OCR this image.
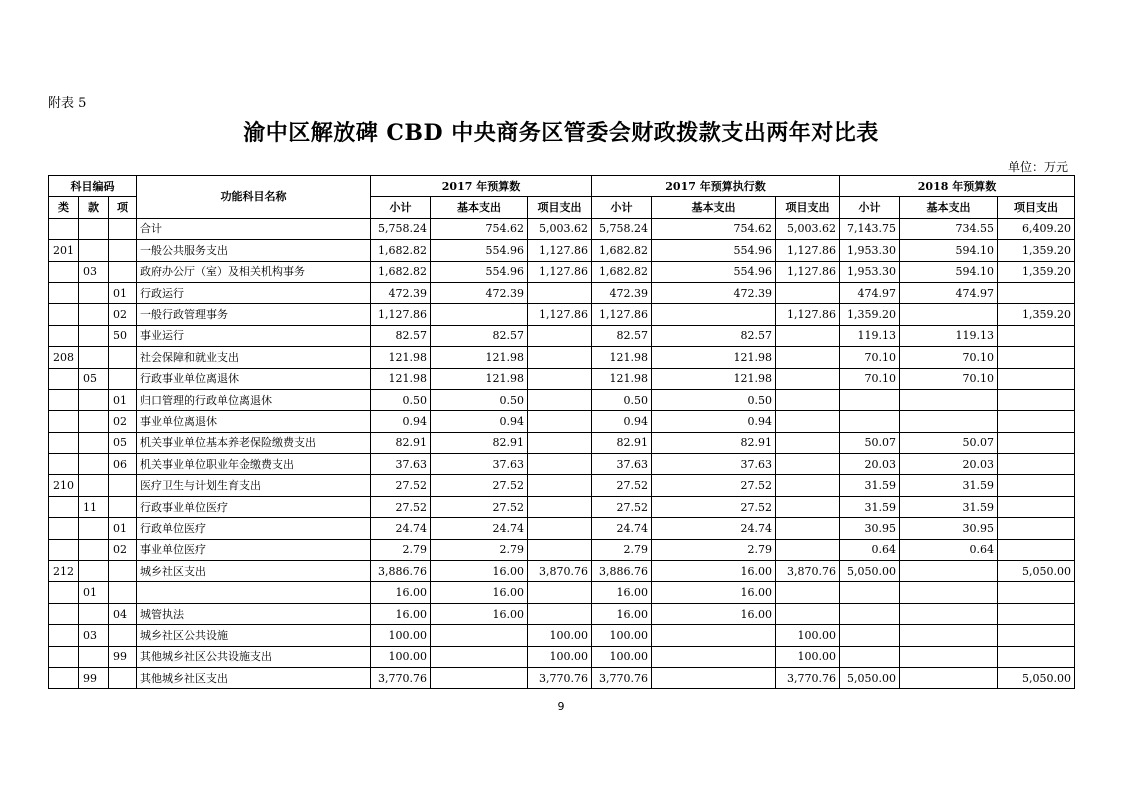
附表 5
渝中区解放碑 CBD 中央商务区管委会财政拨款支出两年对比表
单位：万元
科目编码			功能科目名称	2017 年预算数			2017 年预算执行数			2018 年预算数		
类	款	项		小计	基本支出	项目支出	小计	基本支出	项目支出	小计	基本支出	项目支出
			合计	5,758.24	754.62	5,003.62	5,758.24	754.62	5,003.62	7,143.75	734.55	6,409.20
201			一般公共服务支出	1,682.82	554.96	1,127.86	1,682.82	554.96	1,127.86	1,953.30	594.10	1,359.20
	03		政府办公厅（室）及相关机构事务	1,682.82	554.96	1,127.86	1,682.82	554.96	1,127.86	1,953.30	594.10	1,359.20
		01	行政运行	472.39	472.39		472.39	472.39		474.97	474.97	
		02	一般行政管理事务	1,127.86		1,127.86	1,127.86		1,127.86	1,359.20		1,359.20
		50	事业运行	82.57	82.57		82.57	82.57		119.13	119.13	
208			社会保障和就业支出	121.98	121.98		121.98	121.98		70.10	70.10	
	05		行政事业单位离退休	121.98	121.98		121.98	121.98		70.10	70.10	
		01	归口管理的行政单位离退休	0.50	0.50		0.50	0.50				
		02	事业单位离退休	0.94	0.94		0.94	0.94				
		05	机关事业单位基本养老保险缴费支出	82.91	82.91		82.91	82.91		50.07	50.07	
		06	机关事业单位职业年金缴费支出	37.63	37.63		37.63	37.63		20.03	20.03	
210			医疗卫生与计划生育支出	27.52	27.52		27.52	27.52		31.59	31.59	
	11		行政事业单位医疗	27.52	27.52		27.52	27.52		31.59	31.59	
		01	行政单位医疗	24.74	24.74		24.74	24.74		30.95	30.95	
		02	事业单位医疗	2.79	2.79		2.79	2.79		0.64	0.64	
212			城乡社区支出	3,886.76	16.00	3,870.76	3,886.76	16.00	3,870.76	5,050.00		5,050.00
	01			16.00	16.00		16.00	16.00				
		04	城管执法	16.00	16.00		16.00	16.00				
	03		城乡社区公共设施	100.00		100.00	100.00		100.00			
		99	其他城乡社区公共设施支出	100.00		100.00	100.00		100.00			
	99		其他城乡社区支出	3,770.76		3,770.76	3,770.76		3,770.76	5,050.00		5,050.00
9
